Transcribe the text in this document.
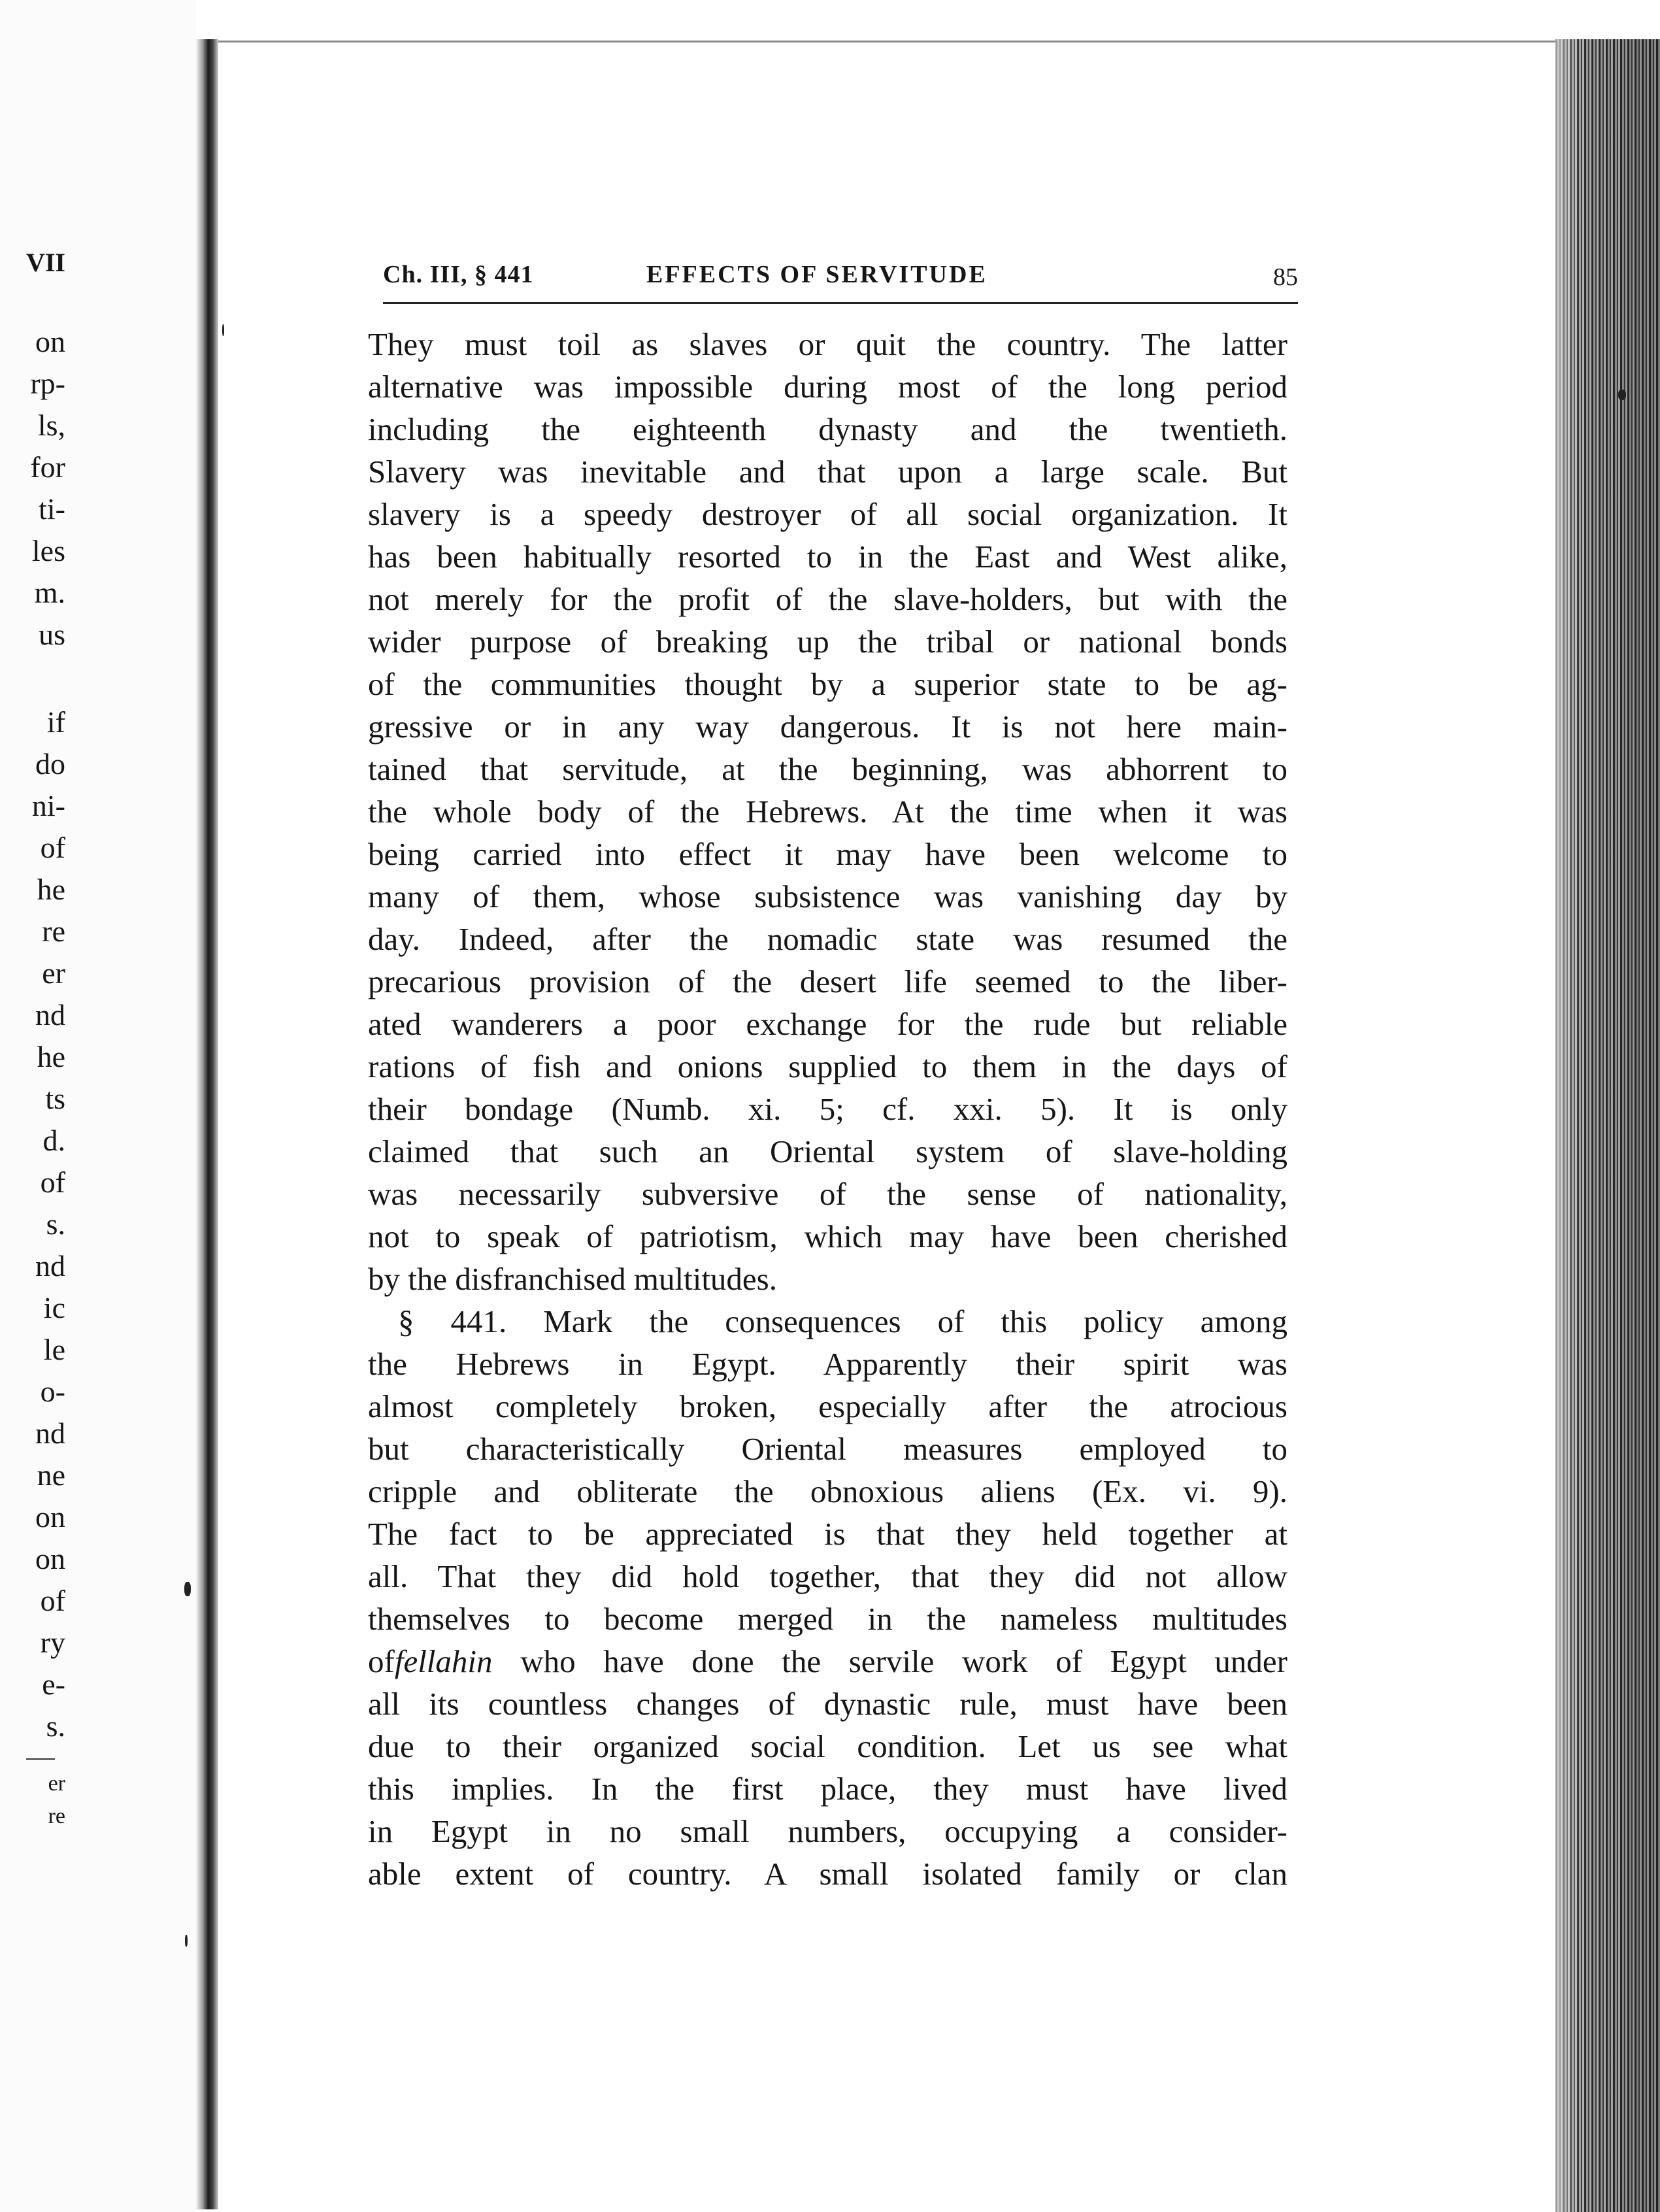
VII
on
rp-
ls,
for
ti-
les
m.
us
if
do
ni-
of
he
re
er
nd
he
ts
d.
of
s.
nd
ic
le
o-
nd
ne
on
on
of
ry
e-
s.
er
re
Ch. III, § 441	EFFECTS OF SERVITUDE	85
They must toil as slaves or quit the country. The latter
alternative was impossible during most of the long period
including the eighteenth dynasty and the twentieth.
Slavery was inevitable and that upon a large scale. But
slavery is a speedy destroyer of all social organization. It
has been habitually resorted to in the East and West alike,
not merely for the profit of the slave-holders, but with the
wider purpose of breaking up the tribal or national bonds
of the communities thought by a superior state to be ag-
gressive or in any way dangerous. It is not here main-
tained that servitude, at the beginning, was abhorrent to
the whole body of the Hebrews. At the time when it was
being carried into effect it may have been welcome to
many of them, whose subsistence was vanishing day by
day. Indeed, after the nomadic state was resumed the
precarious provision of the desert life seemed to the liber-
ated wanderers a poor exchange for the rude but reliable
rations of fish and onions supplied to them in the days of
their bondage (Numb. xi. 5; cf. xxi. 5). It is only
claimed that such an Oriental system of slave-holding
was necessarily subversive of the sense of nationality,
not to speak of patriotism, which may have been cherished
by the disfranchised multitudes.
§ 441. Mark the consequences of this policy among
the Hebrews in Egypt. Apparently their spirit was
almost completely broken, especially after the atrocious
but characteristically Oriental measures employed to
cripple and obliterate the obnoxious aliens (Ex. vi. 9).
The fact to be appreciated is that they held together at
all. That they did hold together, that they did not allow
themselves to become merged in the nameless multitudes
offellahin who have done the servile work of Egypt under
all its countless changes of dynastic rule, must have been
due to their organized social condition. Let us see what
this implies. In the first place, they must have lived
in Egypt in no small numbers, occupying a consider-
able extent of country. A small isolated family or clan
